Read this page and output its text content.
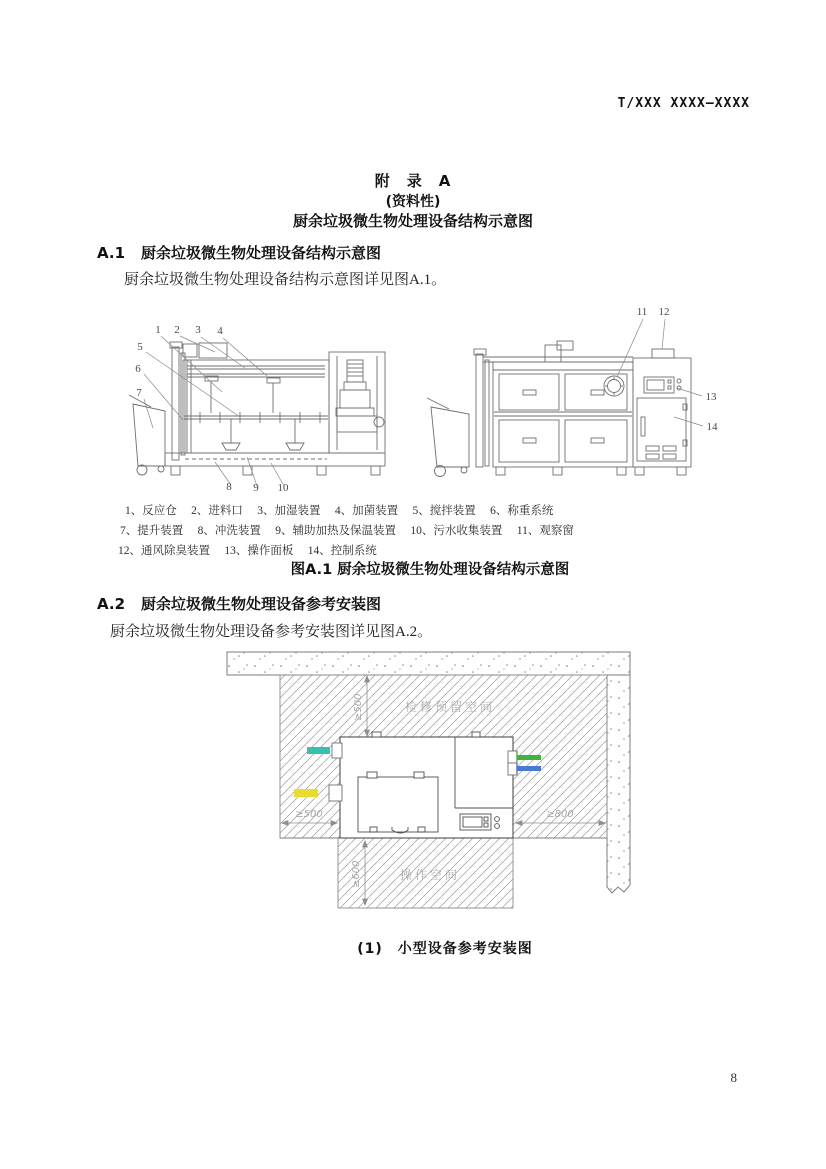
T/XXX XXXX—XXXX
附　录　A
(资料性)
厨余垃圾微生物处理设备结构示意图
A.1 厨余垃圾微生物处理设备结构示意图
厨余垃圾微生物处理设备结构示意图详见图A.1。
1 2 3 4
5
6
7
8 9 10
11 12
13
14
1、反应仓 2、进料口 3、加湿装置 4、加菌装置 5、搅拌装置 6、称重系统
7、提升装置 8、冲洗装置 9、辅助加热及保温装置 10、污水收集装置 11、观察窗
12、通风除臭装置 13、操作面板 14、控制系统
图A.1 厨余垃圾微生物处理设备结构示意图
A.2 厨余垃圾微生物处理设备参考安装图
厨余垃圾微生物处理设备参考安装图详见图A.2。
≥500
≥500	≥800
≥600
检修预留空间
操作空间
(1)　小型设备参考安装图
8
